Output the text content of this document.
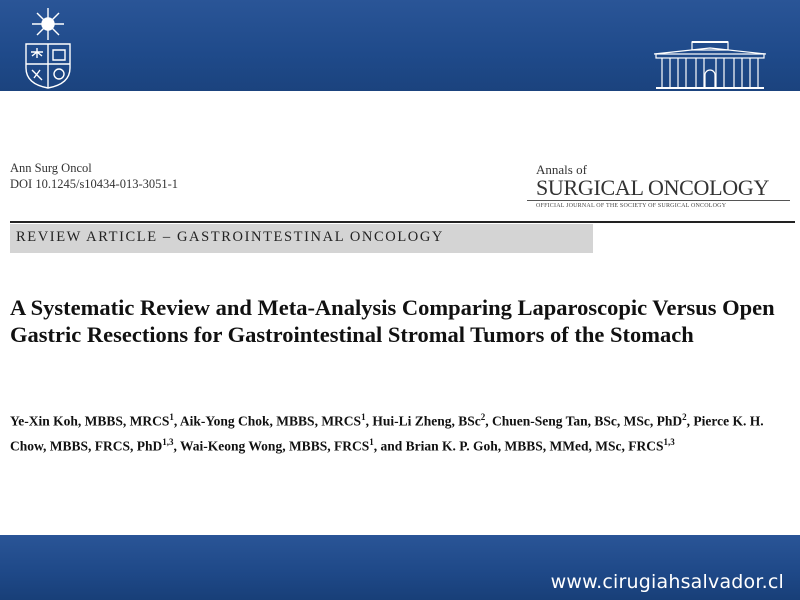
Ann Surg Oncol
DOI 10.1245/s10434-013-3051-1
Annals of
SURGICAL ONCOLOGY
OFFICIAL JOURNAL OF THE SOCIETY OF SURGICAL ONCOLOGY
REVIEW ARTICLE – GASTROINTESTINAL ONCOLOGY
A Systematic Review and Meta-Analysis Comparing Laparoscopic Versus Open Gastric Resections for Gastrointestinal Stromal Tumors of the Stomach

Ye-Xin Koh, MBBS, MRCS$^1$, Aik-Yong Chok, MBBS, MRCS$^1$, Hui-Li Zheng, BSc$^2$, Chuen-Seng Tan, BSc, MSc, PhD$^2$, Pierce K. H. Chow, MBBS, FRCS, PhD$^{1,3}$, Wai-Keong Wong, MBBS, FRCS$^1$, and Brian K. P. Goh, MBBS, MMed, MSc, FRCS$^{1,3}$

www.cirugiahsalvador.cl
